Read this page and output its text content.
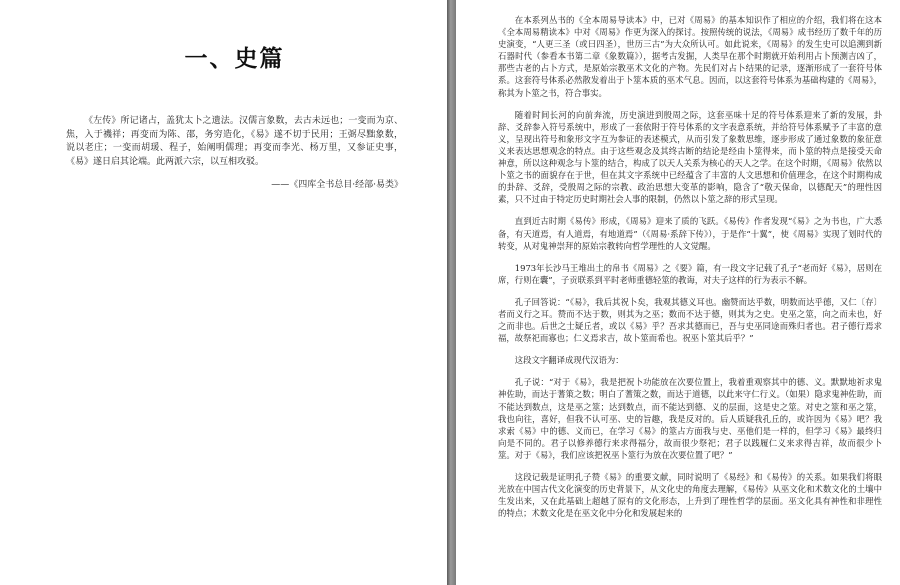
一、史篇
《左传》所记诸占，盖犹太卜之遗法。汉儒言象数，去古未远也；一变而为京、焦，入于禨祥；再变而为陈、邵，务穷造化，《易》遂不切于民用；王弼尽黜象数，说以老庄；一变而胡瑗、程子，始阐明儒理；再变而李光、杨万里，又参证史事，《易》遂日启其论端。此两派六宗，以互相攻驳。
——《四库全书总目·经部·易类》

在本系列丛书的《全本周易导读本》中，已对《周易》的基本知识作了相应的介绍，我们将在这本《全本周易精读本》中对《周易》作更为深入的探讨。按照传统的说法，《周易》成书经历了数千年的历史演变，“人更三圣（或曰四圣），世历三古”为大众所认可。如此说来，《周易》的发生史可以追溯到新石器时代（参看本书第二章《象数篇》），据考古发掘，人类早在那个时期就开始利用占卜预测吉凶了，那些古老的占卜方式，是原始宗教巫术文化的产物。先民们对占卜结果的记录，逐渐形成了一套符号体系。这套符号体系必然散发着出于卜筮本质的巫术气息。因而，以这套符号体系为基础构建的《周易》，称其为卜筮之书，符合事实。

随着时间长河的向前奔流，历史演进到殷周之际，这套巫味十足的符号体系迎来了新的发展，卦辞、爻辞参入符号系统中，形成了一套依附于符号体系的文字表意系统，并给符号体系赋予了丰富的意义，呈现出符号和象形文字互为参证的表述模式，从而引发了象数思维，逐步形成了通过象数的象征意义来表达思想观念的特点。由于这些观念及其终古断的结论是经由卜筮得来，而卜筮的特点是接受天命神意，所以这种观念与卜筮的结合，构成了以天人关系为核心的天人之学。在这个时期，《周易》依然以卜筮之书的面貌存在于世，但在其文字系统中已经蕴含了丰富的人文思想和价值理念，在这个时期构成的卦辞、爻辞，受殷周之际的宗教、政治思想大变革的影响，隐含了“敬天保命，以德配天”的理性因素，只不过由于特定历史时期社会人事的限制，仍然以卜筮之辞的形式呈现。

直到近古时期《易传》形成，《周易》迎来了质的飞跃。《易传》作者发现“《易》之为书也，广大悉备，有天道焉，有人道焉，有地道焉”（《周易·系辞下传》），于是作“十翼”，使《周易》实现了划时代的转变，从对鬼神崇拜的原始宗教转向哲学理性的人文觉醒。

1973年长沙马王堆出土的帛书《周易》之《要》篇，有一段文字记载了孔子“老而好《易》，居则在席，行则在囊”，子贡联系到平时老师重德轻筮的教诲，对夫子这样的行为表示不解。

孔子回答说：“《易》，我后其祝卜矣，我观其德义耳也。幽赞而达乎数，明数而达乎德，又仁〔存〕者而义行之耳。赞而不达于数，则其为之巫；数而不达于德，则其为之史。史巫之筮，向之而未也，好之而非也。后世之士疑丘者，或以《易》乎？吾求其德而已，吾与史巫同途而殊归者也。君子德行焉求福，故祭祀而寡也；仁义焉求吉，故卜筮而希也。祝巫卜筮其后乎？”

这段文字翻译成现代汉语为：

孔子说：“对于《易》，我是把祝卜功能放在次要位置上，我着重观察其中的德、义。默默地祈求鬼神佐助，而达于蓍策之数；明白了蓍策之数，而达于道德，以此来守仁行义。（如果）隐求鬼神佐助，而不能达到数点，这是巫之筮；达到数点，而不能达到德、义的层面，这是史之筮。对史之筮和巫之筮，我也向往，喜好，但我不认可巫、史的旨趣，我是反对的。后人质疑我孔丘的，或许因为《易》吧？我求索《易》中的德、义而已，在学习《易》的筮占方面我与史、巫他们是一样的，但学习《易》最终归向是不同的。君子以修养德行来求得福分，故而很少祭祀；君子以践履仁义来求得吉祥，故而很少卜筮。对于《易》，我们应该把祝巫卜筮行为放在次要位置了吧？”

这段记载是证明孔子赞《易》的重要文献，同时说明了《易经》和《易传》的关系。如果我们将眼光放在中国古代文化演变的历史背景下，从文化史的角度去理解，《易传》从巫文化和术数文化的土壤中生发出来，又在此基础上超越了原有的文化形态，上升到了理性哲学的层面。巫文化具有神性和非理性的特点；术数文化是在巫文化中分化和发展起来的
